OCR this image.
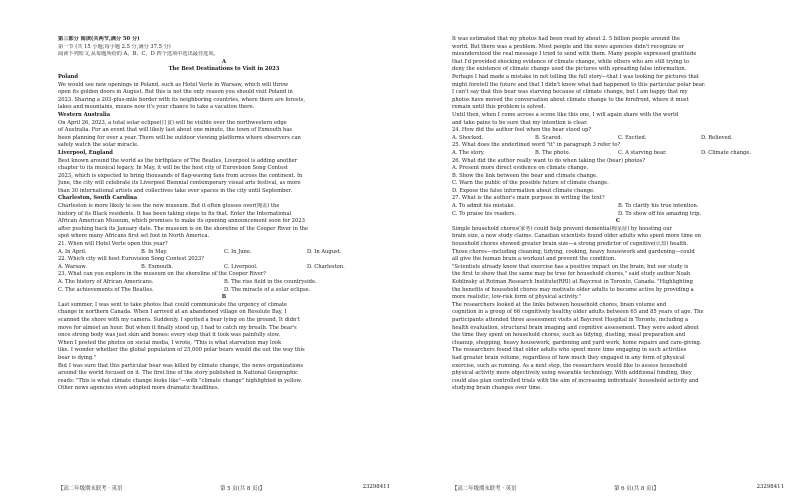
第三部分 阅读(共两节,满分 50 分)
第一节 (共 15 小题;每小题 2.5 分,满分 37.5 分)
阅读下列短文,从每题所给的 A、B、C、D 四个选项中选出最佳选项。
A
The Best Destinations to Visit in 2023
Poland
We would see new openings in Poland, such as Hotel Verte in Warsaw, which will throw
open its golden doors in August. But this is not the only reason you should visit Poland in
2023. Sharing a 203-plus-mile border with its neighboring countries, where there are forests,
lakes and mountains, means now it's your chance to take a vacation there.
Western Australia
On April 26, 2023, a total solar eclipse(日食) will be visible over the northwestern edge
of Australia. For an event that will likely last about one minute, the town of Exmouth has
been planning for over a year. There will be outdoor viewing platforms where observers can
safely watch the solar miracle.
Liverpool, England
Best known around the world as the birthplace of The Beatles, Liverpool is adding another
chapter to its musical legacy. In May, it will be the host city of Eurovision Song Contest
2023, which is expected to bring thousands of flag-waving fans from across the continent. In
June, the city will celebrate its Liverpool Biennial contemporary visual arts festival, as more
than 30 international artists and collectives take over spaces in the city until September.
Charleston, South Carolina
Charleston is more likely to see the new museum. But it often glosses over(掩盖) the
history of its Black residents. It has been taking steps to fix that. Enter the International
African American Museum, which promises to make its opening announcement soon for 2023
after pushing back its January date. The museum is on the shoreline of the Cooper River in the
spot where many Africans first set foot in North America.
21. When will Hotel Verte open this year?
A. In April.	B. In May.	C. In June.	D. In August.
22. Which city will host Eurovision Song Contest 2023?
A. Warsaw.	B. Exmouth.	C. Liverpool.	D. Charleston.
23. What can you explore in the museum on the shoreline of the Cooper River?
A. The history of African Americans.	B. The rise field in the countryside.
C. The achievements of The Beatles.	D. The miracle of a solar eclipse.
B
Last summer, I was sent to take photos that could communicate the urgency of climate
change in northern Canada. When I arrived at an abandoned village on Resolute Bay, I
scanned the shore with my camera. Suddenly, I spotted a bear lying on the ground. It didn't
move for almost an hour. But when it finally stood up, I had to catch my breath. The bear's
once strong body was just skin and bones: every step that it took was painfully slow.
When I posted the photos on social media, I wrote, "This is what starvation may look
like. I wonder whether the global population of 25,000 polar bears would die out the way this
bear is dying."
But I was sure that this particular bear was killed by climate change, the news organizations
around the world focused on it. The first line of the story published in National Geographic
reads: "This is what climate change looks like"—with "climate change" highlighted in yellow.
Other news agencies even adopted more dramatic headlines.
It was estimated that my photos had been read by about 2. 5 billion people around the
world. But there was a problem. Most people and the news agencies didn't recognize or
misunderstood the real message I tried to send with them. Many people expressed gratitude
that I'd provided shocking evidence of climate change, while others who are still trying to
deny the existence of climate change used the pictures with spreading false information.
Perhaps I had made a mistake in not telling the full story—that I was looking for pictures that
might foretell the future and that I didn't know what had happened to this particular polar bear.
I can't say that this bear was starving because of climate change, but I am happy that my
photos have moved the conversation about climate change to the forefront, where it must
remain until this problem is solved.
Until then, when I come across a scene like this one, I will again share with the world
and take pains to be sure that my intention is clear.
24. How did the author feel when the bear stood up?
A. Shocked.	B. Scared.	C. Excited.	D. Relieved.
25. What does the underlined word "it" in paragraph 3 refer to?
A. The story.	B. The photo.	C. A starving bear.	D. Climate change.
26. What did the author really want to do when taking the (bear) photos?
A. Present more direct evidence on climate change.
B. Show the link between the bear and climate change.
C. Warn the public of the possible future of climate change.
D. Expose the false information about climate change.
27. What is the author's main purpose in writing the text?
A. To admit his mistake.	B. To clarify his true intention.
C. To praise his readers.	D. To show off his amazing trip.
C
Simple household chores(家务) could help prevent dementia(痴呆症) by boosting our
brain size, a new study claims. Canadian scientists found older adults who spent more time on
household chores showed greater brain size—a strong predictor of cognitive(认知) health.
Those chores—including cleaning, tidying, cooking, heavy housework and gardening—could
all give the human brain a workout and prevent the condition.
"Scientists already know that exercise has a positive impact on the brain, but our study is
the first to show that the same may be true for household chores," said study author Noah
Koblinsky at Rotman Research Institute(RRI) at Baycrest in Toronto, Canada. "Highlighting
the benefits of household chores may motivate older adults to become active by providing a
more realistic, low-risk form of physical activity."
The researchers looked at the links between household chores, brain volume and
cognition in a group of 66 cognitively healthy older adults between 65 and 85 years of age. The
participants attended three assessment visits at Baycrest Hospital in Toronto, including a
health evaluation, structural brain imaging and cognitive assessment. They were asked about
the time they spent on household chores, such as tidying, dusting, meal preparation and
cleanup, shopping, heavy housework, gardening and yard work, home repairs and care-giving.
The researchers found that older adults who spent more time engaging in such activities
had greater brain volume, regardless of how much they engaged in any form of physical
exercise, such as running. As a next step, the researchers would like to assess household
physical activity more objectively using wearable technology. With additional funding, they
could also plan controlled trials with the aim of increasing individuals' household activity and
studying brain changes over time.
【高二年级期末联考 · 英语	第 5 页(共 8 页)】	23298411	【高二年级期末联考 · 英语	第 6 页(共 8 页)】	23298411
